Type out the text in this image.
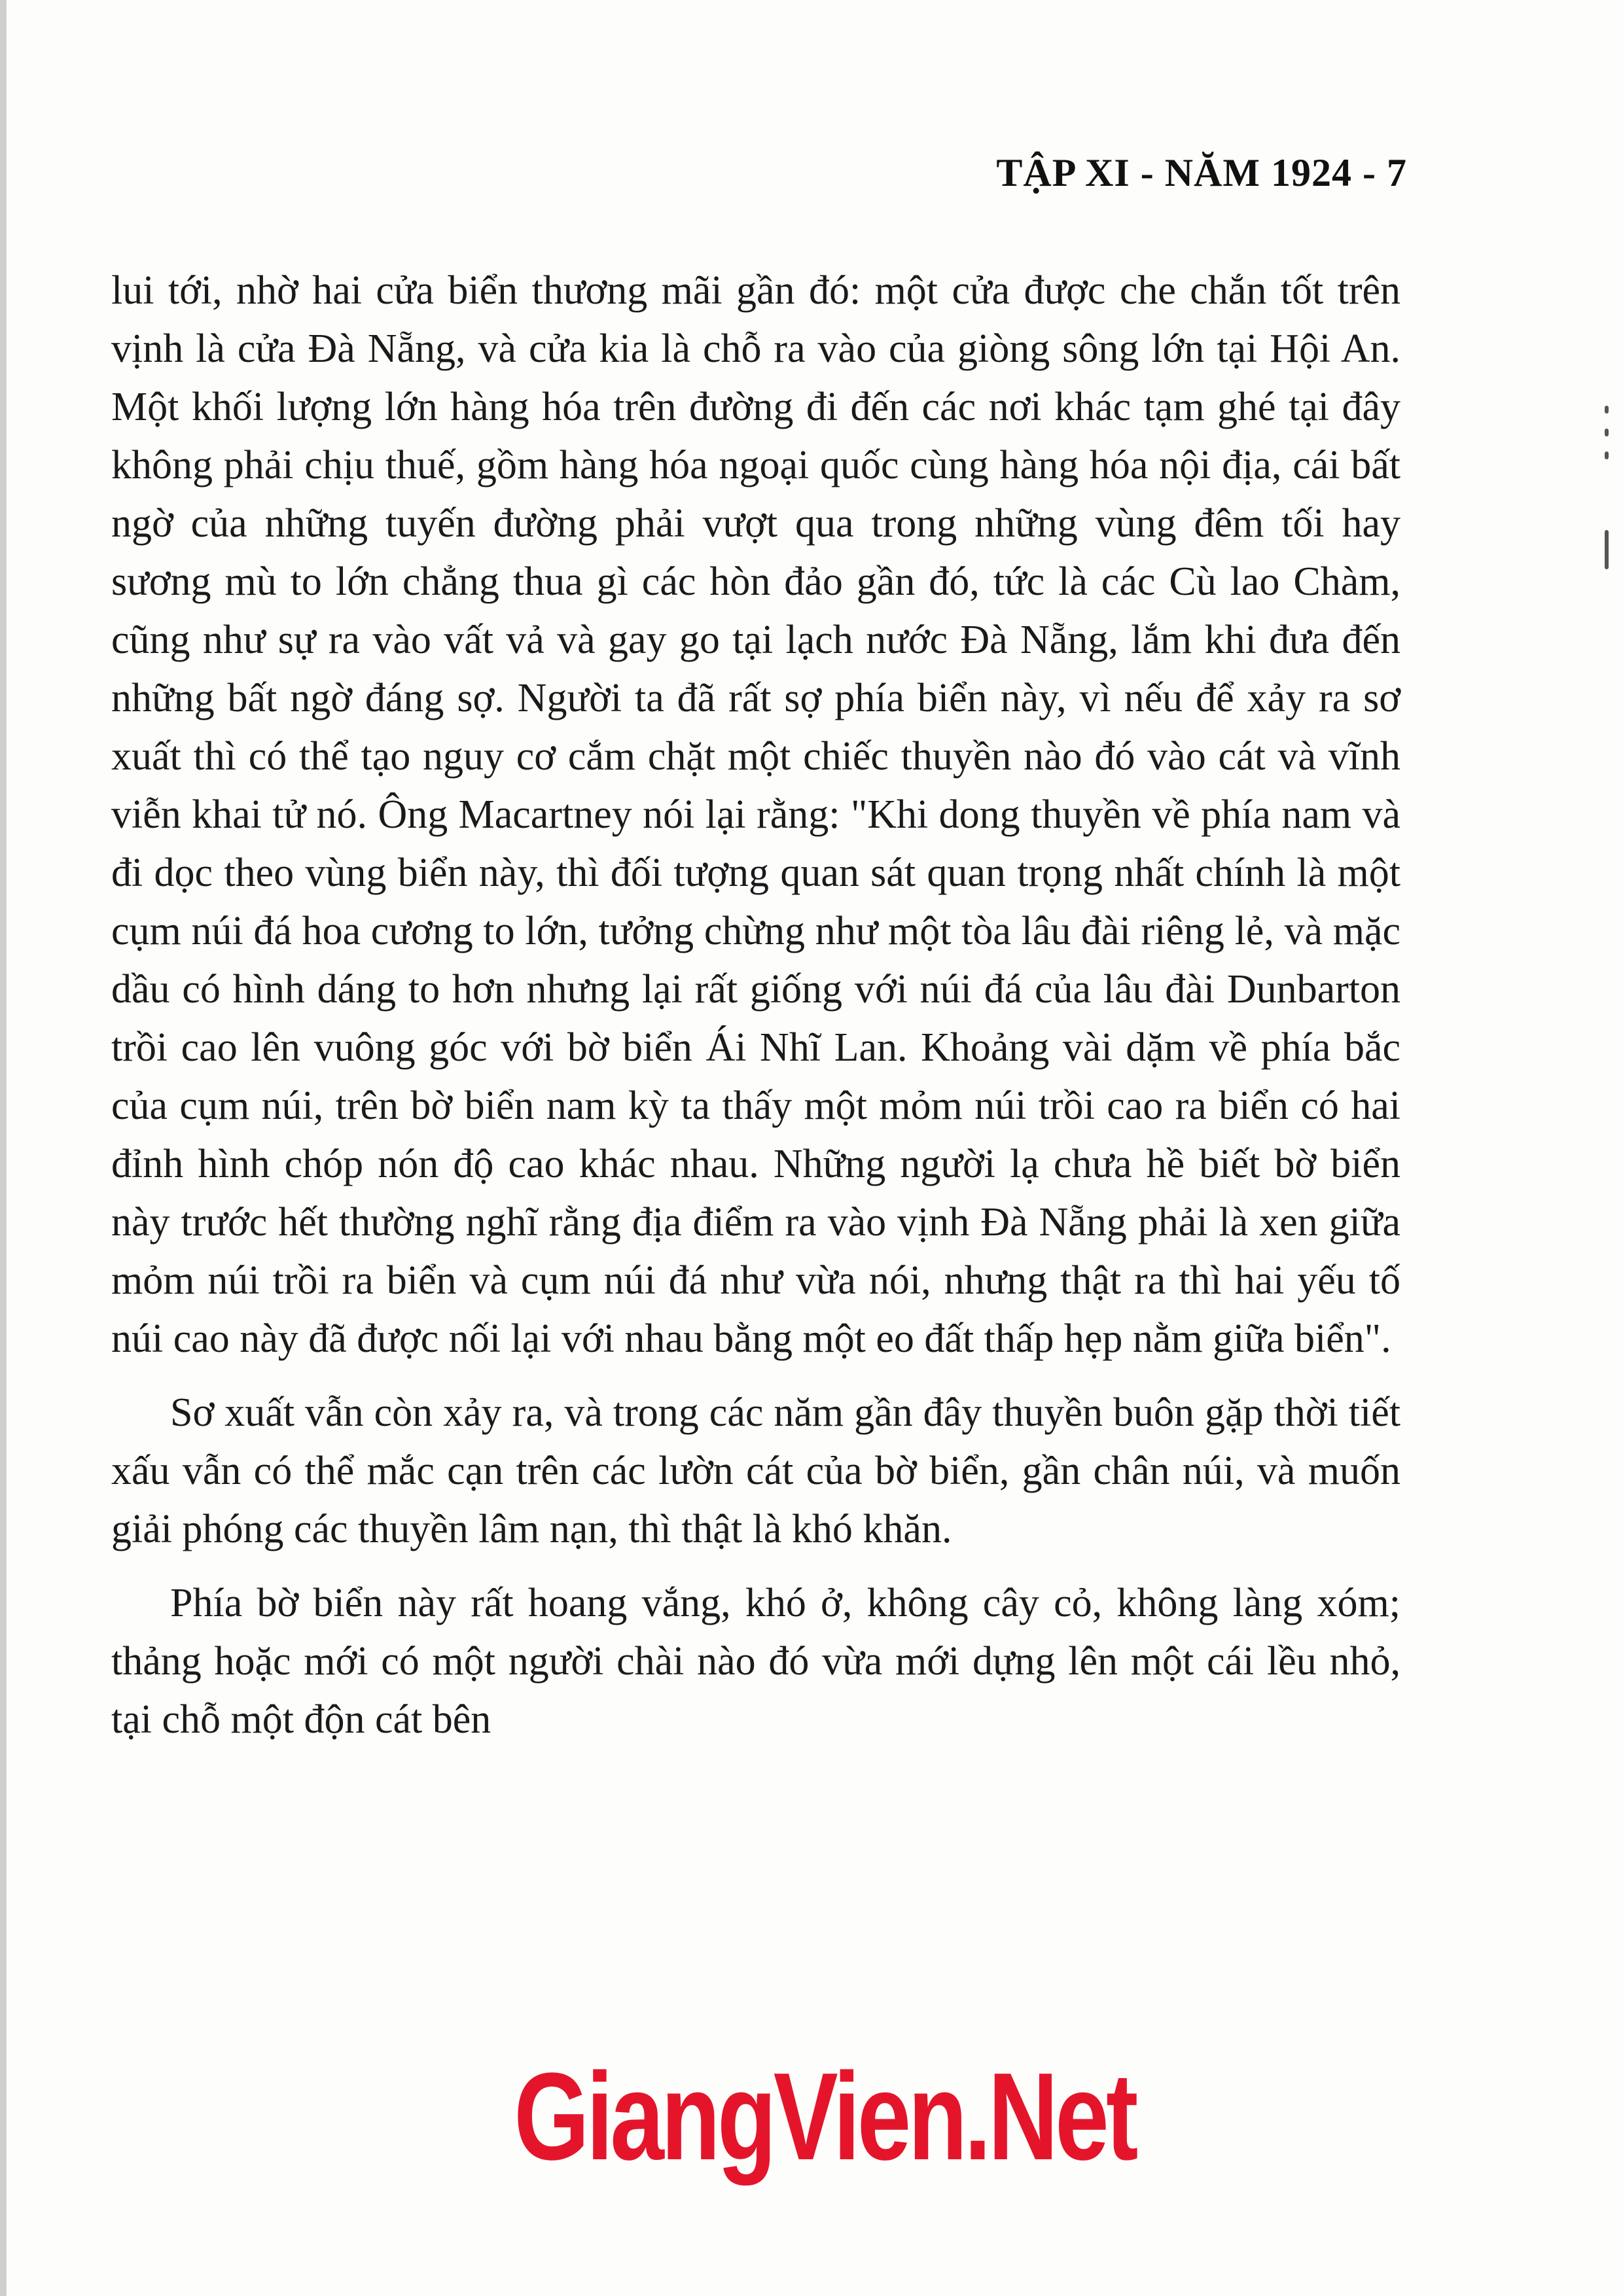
TẬP XI - NĂM 1924 - 7

lui tới, nhờ hai cửa biển thương mãi gần đó: một cửa được che chắn tốt trên vịnh là cửa Đà Nẵng, và cửa kia là chỗ ra vào của giòng sông lớn tại Hội An. Một khối lượng lớn hàng hóa trên đường đi đến các nơi khác tạm ghé tại đây không phải chịu thuế, gồm hàng hóa ngoại quốc cùng hàng hóa nội địa, cái bất ngờ của những tuyến đường phải vượt qua trong những vùng đêm tối hay sương mù to lớn chẳng thua gì các hòn đảo gần đó, tức là các Cù lao Chàm, cũng như sự ra vào vất vả và gay go tại lạch nước Đà Nẵng, lắm khi đưa đến những bất ngờ đáng sợ. Người ta đã rất sợ phía biển này, vì nếu để xảy ra sơ xuất thì có thể tạo nguy cơ cắm chặt một chiếc thuyền nào đó vào cát và vĩnh viễn khai tử nó. Ông Macartney nói lại rằng: "Khi dong thuyền về phía nam và đi dọc theo vùng biển này, thì đối tượng quan sát quan trọng nhất chính là một cụm núi đá hoa cương to lớn, tưởng chừng như một tòa lâu đài riêng lẻ, và mặc dầu có hình dáng to hơn nhưng lại rất giống với núi đá của lâu đài Dunbarton trồi cao lên vuông góc với bờ biển Ái Nhĩ Lan. Khoảng vài dặm về phía bắc của cụm núi, trên bờ biển nam kỳ ta thấy một mỏm núi trồi cao ra biển có hai đỉnh hình chóp nón độ cao khác nhau. Những người lạ chưa hề biết bờ biển này trước hết thường nghĩ rằng địa điểm ra vào vịnh Đà Nẵng phải là xen giữa mỏm núi trồi ra biển và cụm núi đá như vừa nói, nhưng thật ra thì hai yếu tố núi cao này đã được nối lại với nhau bằng một eo đất thấp hẹp nằm giữa biển".

Sơ xuất vẫn còn xảy ra, và trong các năm gần đây thuyền buôn gặp thời tiết xấu vẫn có thể mắc cạn trên các lườn cát của bờ biển, gần chân núi, và muốn giải phóng các thuyền lâm nạn, thì thật là khó khăn.

Phía bờ biển này rất hoang vắng, khó ở, không cây cỏ, không làng xóm; thảng hoặc mới có một người chài nào đó vừa mới dựng lên một cái lều nhỏ, tại chỗ một độn cát bên

GiangVien.Net
